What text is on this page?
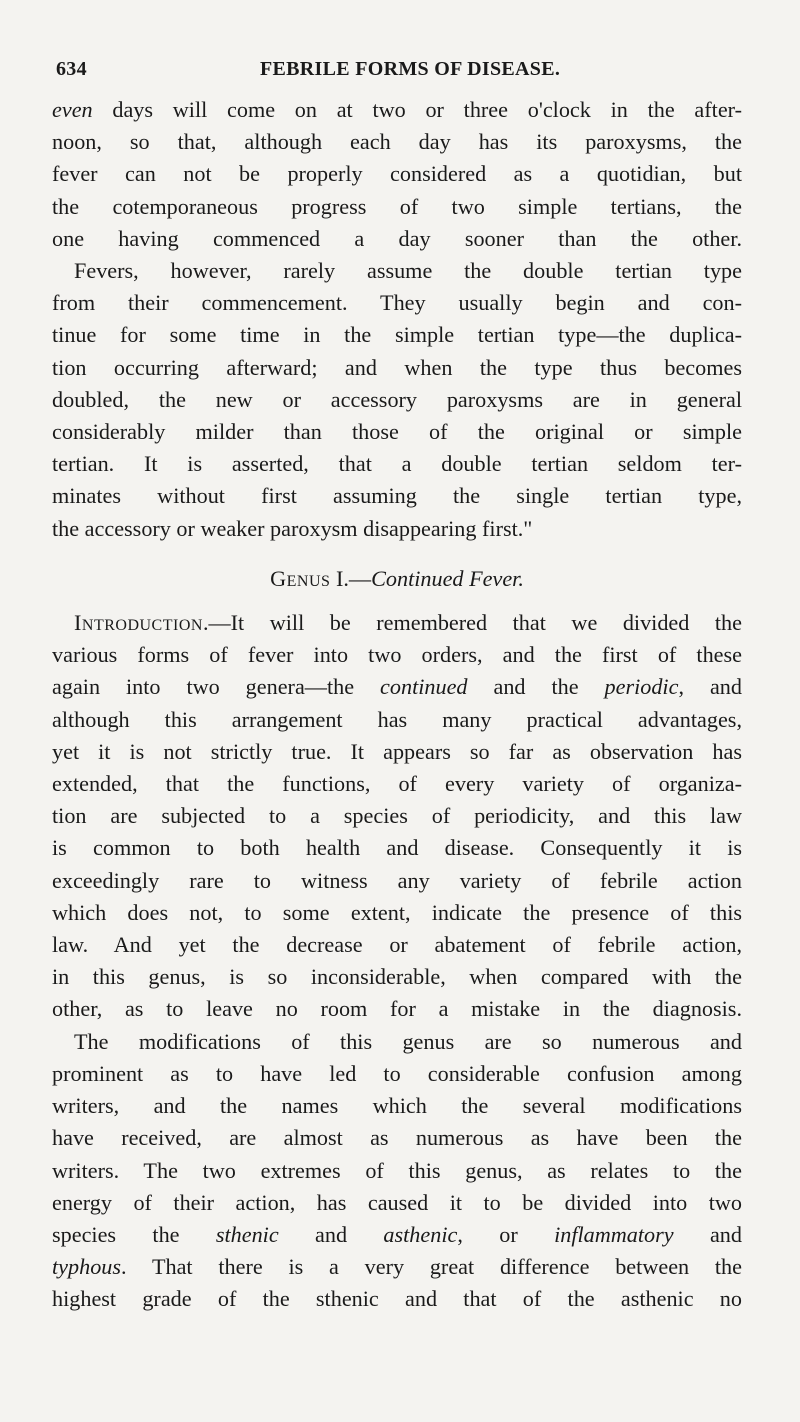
634	FEBRILE FORMS OF DISEASE.
even days will come on at two or three o'clock in the after-
noon, so that, although each day has its paroxysms, the
fever can not be properly considered as a quotidian, but
the cotemporaneous progress of two simple tertians, the
one having commenced a day sooner than the other.
Fevers, however, rarely assume the double tertian type
from their commencement. They usually begin and con-
tinue for some time in the simple tertian type—the duplica-
tion occurring afterward; and when the type thus becomes
doubled, the new or accessory paroxysms are in general
considerably milder than those of the original or simple
tertian. It is asserted, that a double tertian seldom ter-
minates without first assuming the single tertian type,
the accessory or weaker paroxysm disappearing first."
Genus I.—Continued Fever.
Introduction.—It will be remembered that we divided the
various forms of fever into two orders, and the first of these
again into two genera—the continued and the periodic, and
although this arrangement has many practical advantages,
yet it is not strictly true. It appears so far as observation has
extended, that the functions, of every variety of organiza-
tion are subjected to a species of periodicity, and this law
is common to both health and disease. Consequently it is
exceedingly rare to witness any variety of febrile action
which does not, to some extent, indicate the presence of this
law. And yet the decrease or abatement of febrile action,
in this genus, is so inconsiderable, when compared with the
other, as to leave no room for a mistake in the diagnosis.
The modifications of this genus are so numerous and
prominent as to have led to considerable confusion among
writers, and the names which the several modifications
have received, are almost as numerous as have been the
writers. The two extremes of this genus, as relates to the
energy of their action, has caused it to be divided into two
species the sthenic and asthenic, or inflammatory and
typhous. That there is a very great difference between the
highest grade of the sthenic and that of the asthenic no
